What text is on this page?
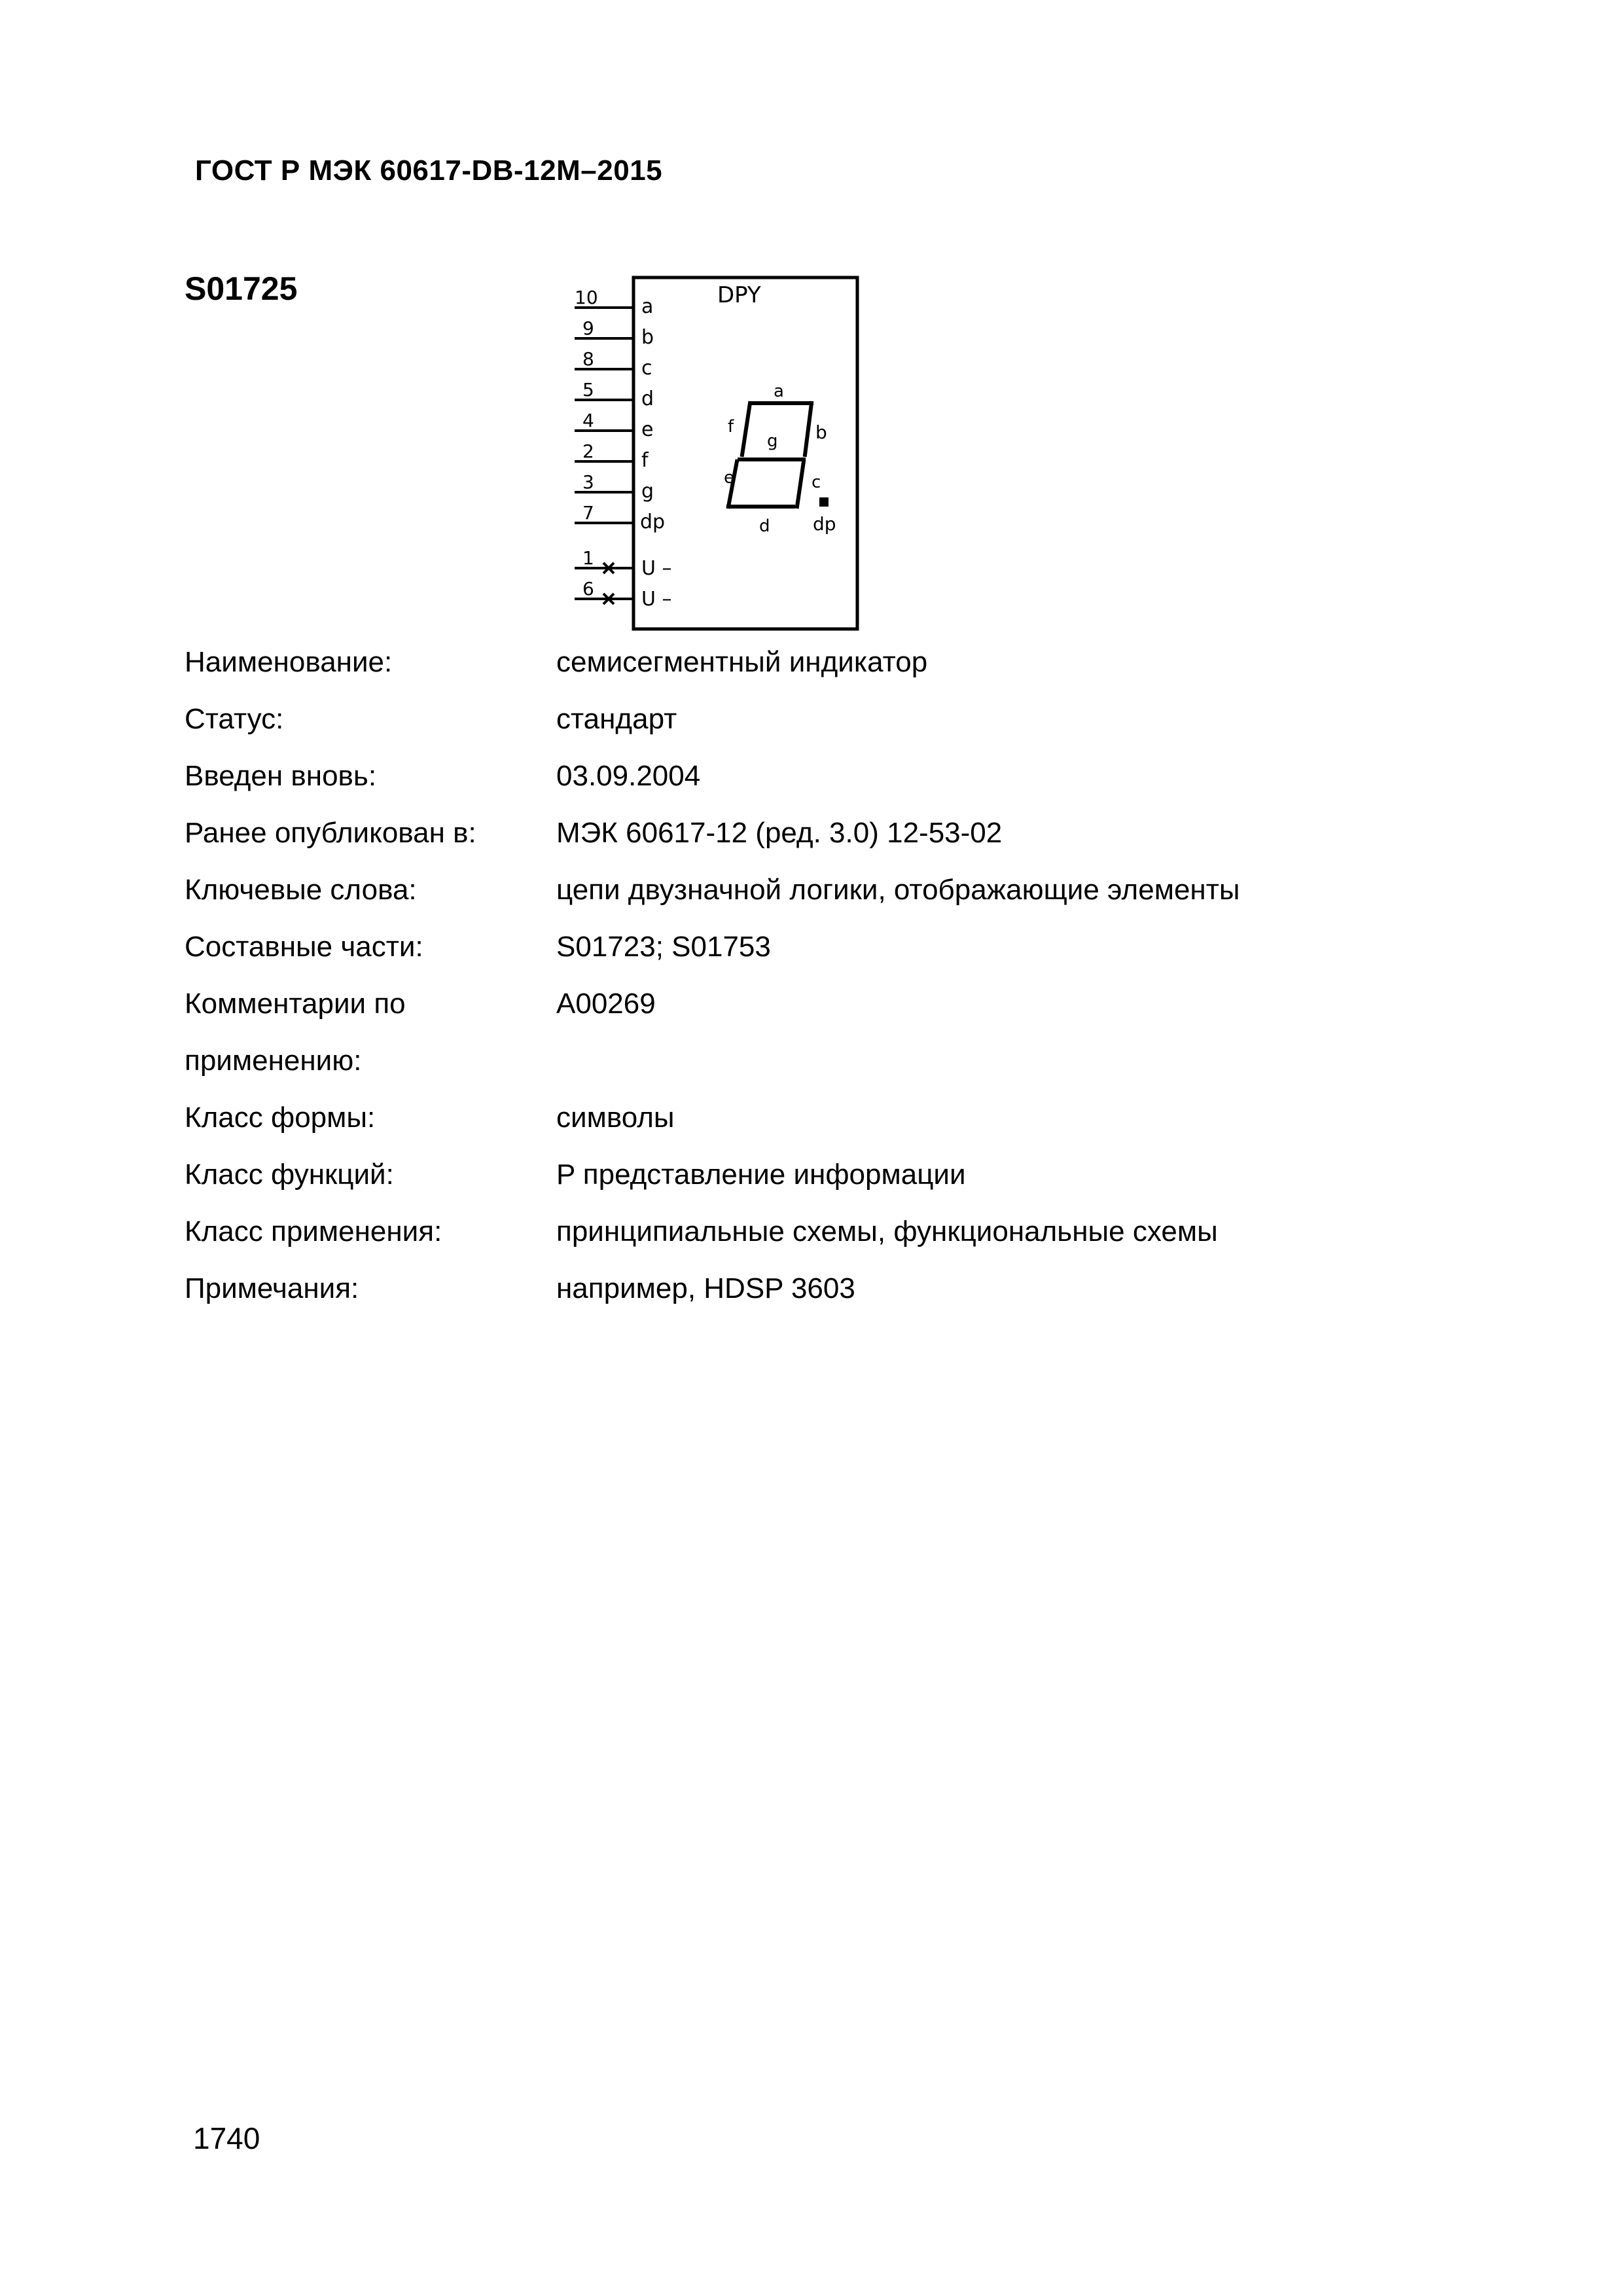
ГОСТ Р МЭК 60617-DB-12M–2015
S01725	DPY
10 a
9 b
8 c
5 d
4 e
2 f
3 g
7 dp
1 U –
6 U –
a
b
c
d
e
f
g
dp
Наименование:	семисегментный индикатор
Статус:	стандарт
Введен вновь:	03.09.2004
Ранее опубликован в:	МЭК 60617-12 (ред. 3.0) 12-53-02
Ключевые слова:	цепи двузначной логики, отображающие элементы
Составные части:	S01723; S01753
Комментарии по	A00269
применению:
Класс формы:	символы
Класс функций:	P представление информации
Класс применения:	принципиальные схемы, функциональные схемы
Примечания:	например, HDSP 3603
1740
